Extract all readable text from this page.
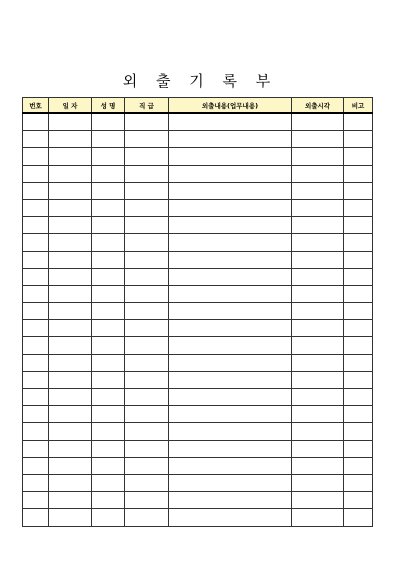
외 출 기 록 부
번호	일 자	성 명	직 급	외출내용(업무내용)	외출시각	비고
